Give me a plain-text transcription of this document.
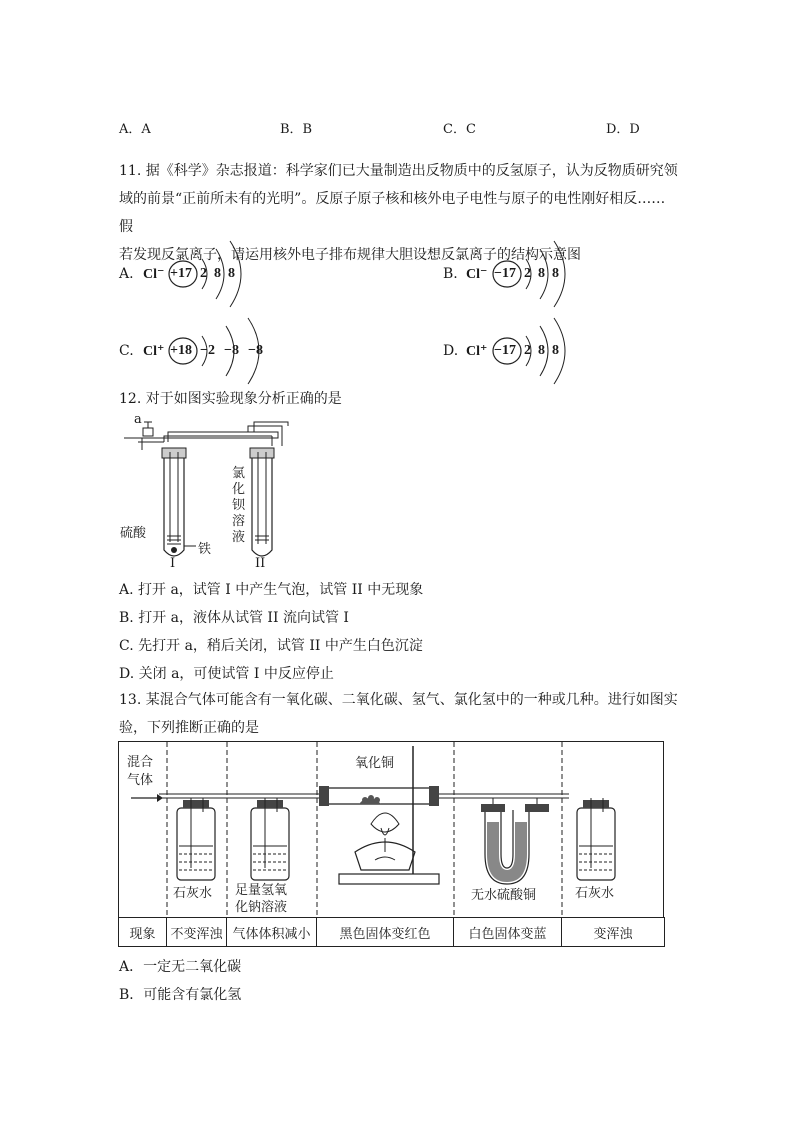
A．A	B．B	C．C	D．D
11. 据《科学》杂志报道：科学家们已大量制造出反物质中的反氢原子，认为反物质研究领
域的前景“正前所未有的光明”。反原子原子核和核外电子电性与原子的电性刚好相反……假
若发现反氯离子，请运用核外电子排布规律大胆设想反氯离子的结构示意图
A. Cl⁻ +17 2 8 8	B. Cl⁻ −17 2 8 8
C. Cl⁺ +18 −2 −8 −8	D. Cl⁺ −17 2 8 8
12. 对于如图实验现象分析正确的是
a
硫酸
铁
氯
化
钡
溶
液
I	II
A. 打开 a，试管 I 中产生气泡，试管 II 中无现象
B. 打开 a，液体从试管 II 流向试管 I
C. 先打开 a，稍后关闭，试管 II 中产生白色沉淀
D. 关闭 a，可使试管 I 中反应停止
13. 某混合气体可能含有一氧化碳、二氧化碳、氢气、氯化氢中的一种或几种。进行如图实
验，下列推断正确的是
混合
气体
氧化铜
石灰水 足量氢氧
化钠溶液
无水硫酸铜	石灰水
现象	不变浑浊	气体体积减小	黑色固体变红色	白色固体变蓝	变浑浊
A．一定无二氧化碳
B．可能含有氯化氢
